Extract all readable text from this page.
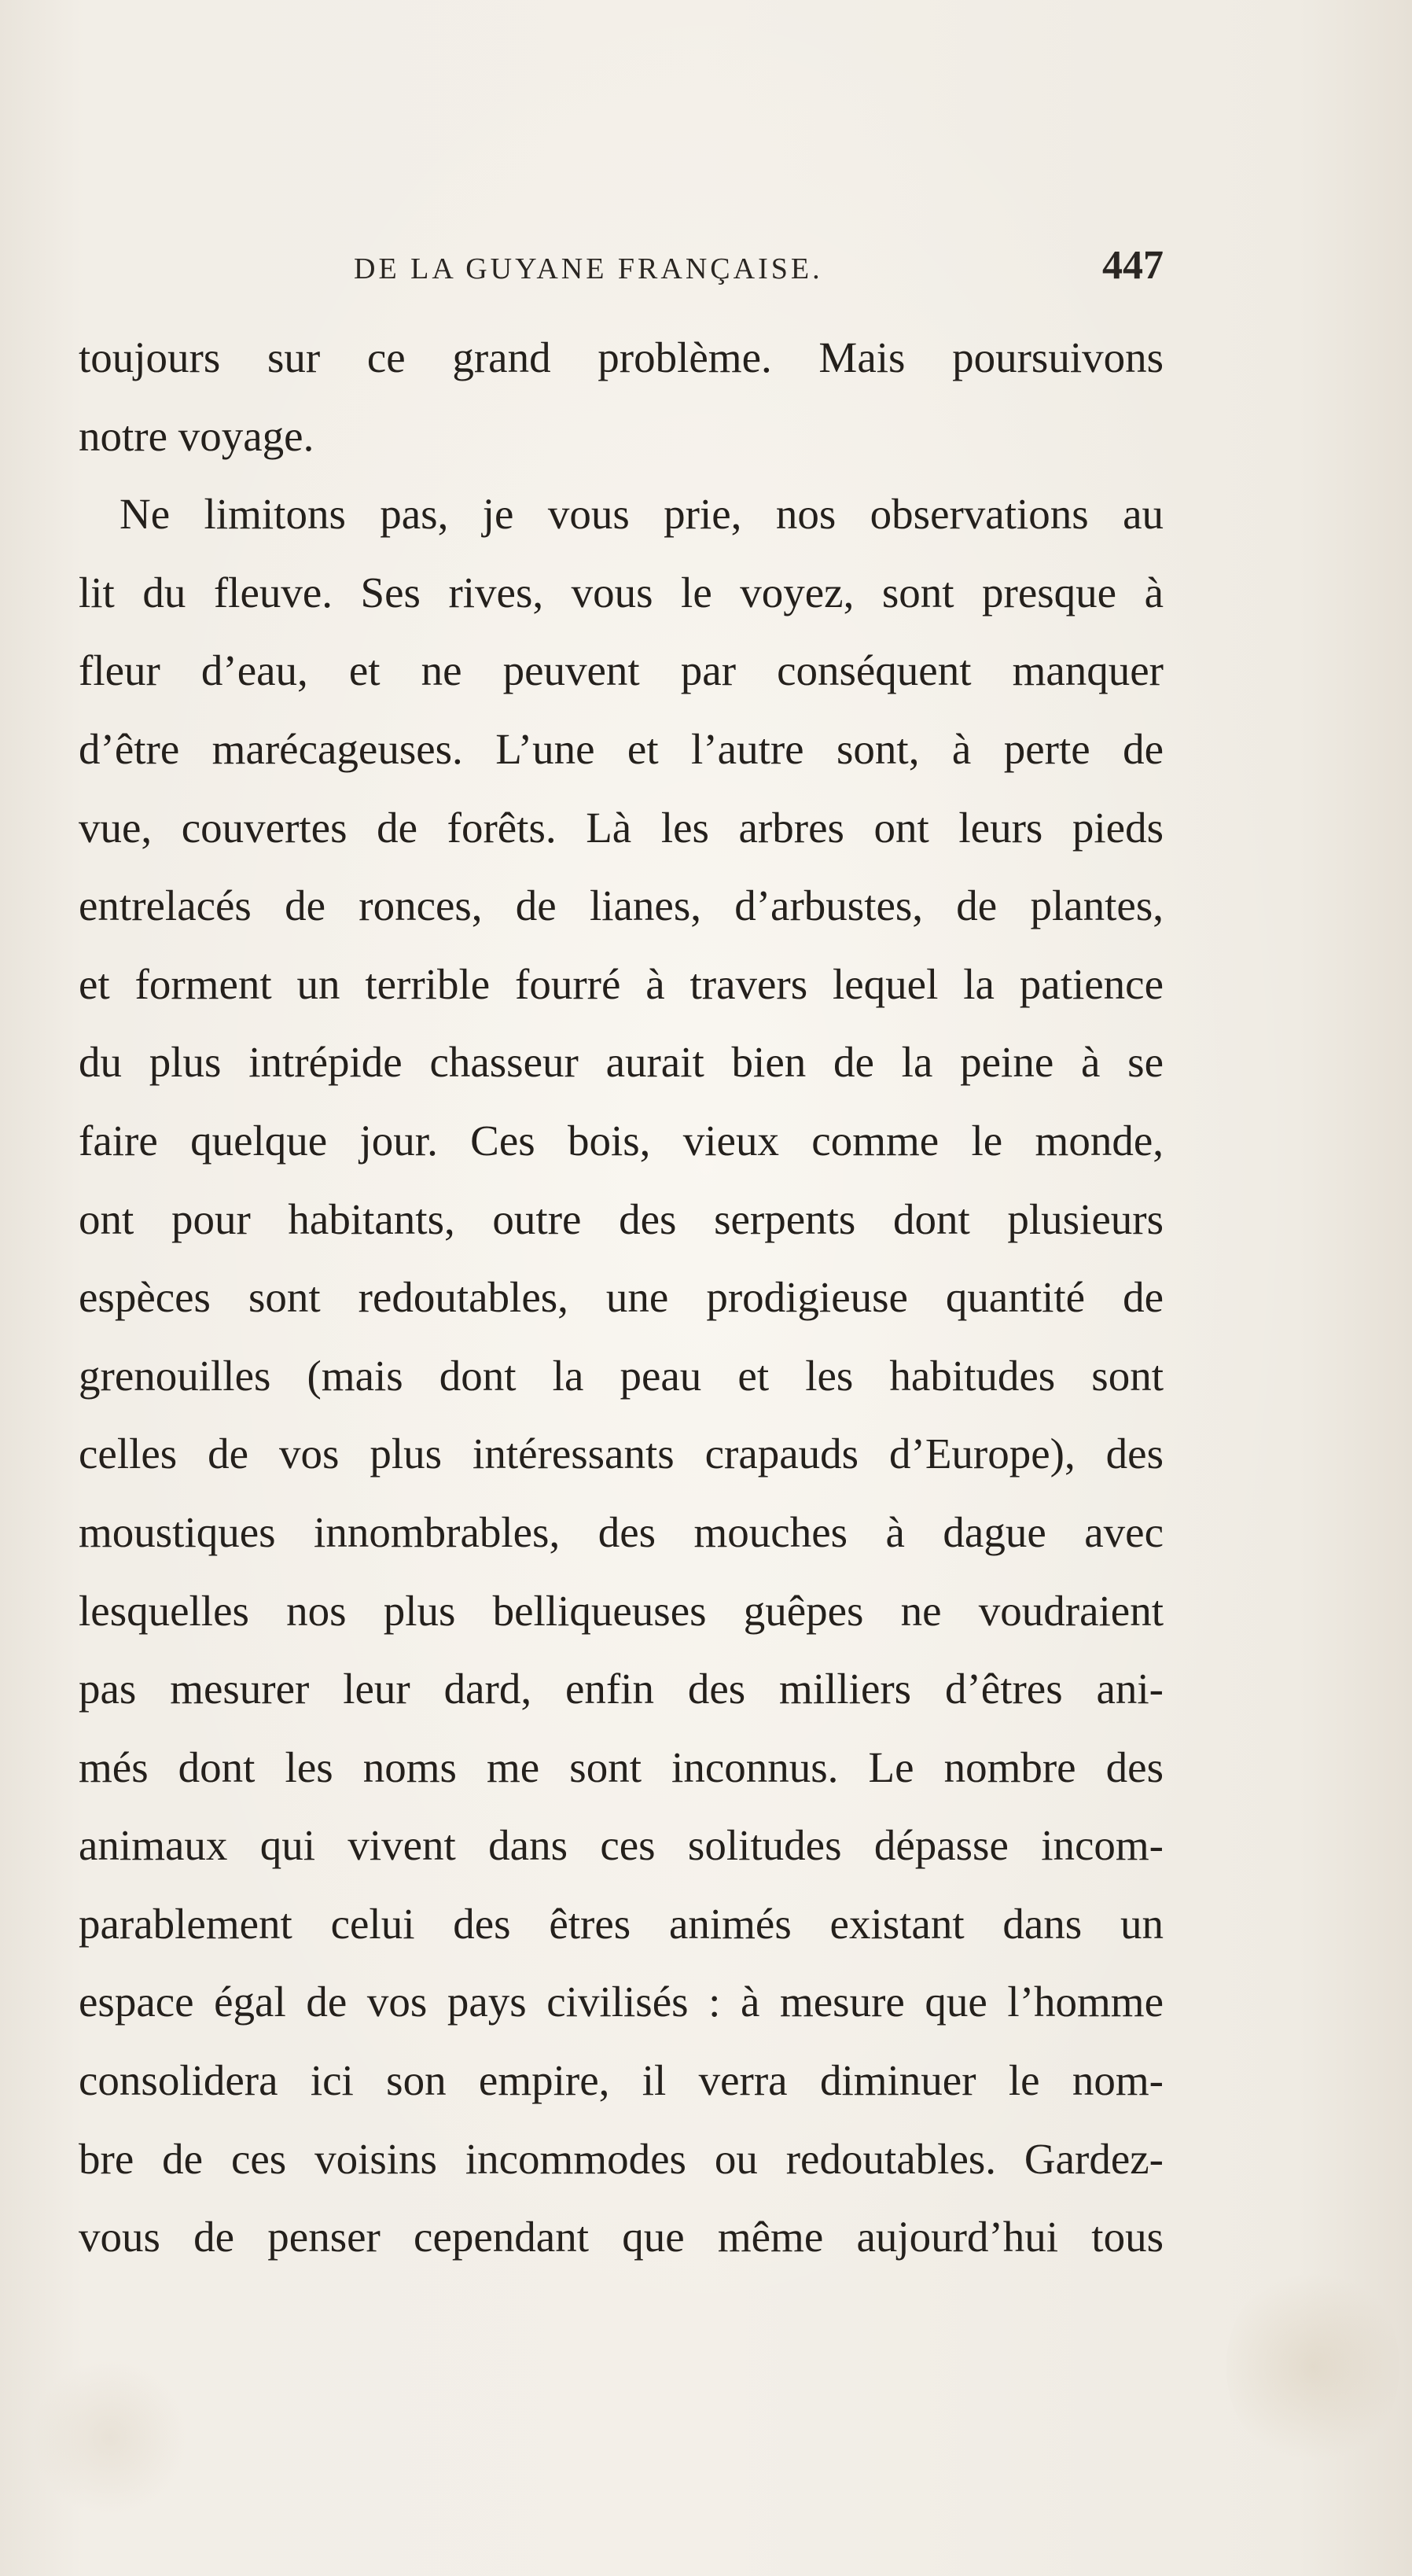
DE LA GUYANE FRANÇAISE.	447
toujours sur ce grand problème. Mais poursuivons
notre voyage.
Ne limitons pas, je vous prie, nos observations au
lit du fleuve. Ses rives, vous le voyez, sont presque à
fleur d’eau, et ne peuvent par conséquent manquer
d’être marécageuses. L’une et l’autre sont, à perte de
vue, couvertes de forêts. Là les arbres ont leurs pieds
entrelacés de ronces, de lianes, d’arbustes, de plantes,
et forment un terrible fourré à travers lequel la patience
du plus intrépide chasseur aurait bien de la peine à se
faire quelque jour. Ces bois, vieux comme le monde,
ont pour habitants, outre des serpents dont plusieurs
espèces sont redoutables, une prodigieuse quantité de
grenouilles (mais dont la peau et les habitudes sont
celles de vos plus intéressants crapauds d’Europe), des
moustiques innombrables, des mouches à dague avec
lesquelles nos plus belliqueuses guêpes ne voudraient
pas mesurer leur dard, enfin des milliers d’êtres ani-
més dont les noms me sont inconnus. Le nombre des
animaux qui vivent dans ces solitudes dépasse incom-
parablement celui des êtres animés existant dans un
espace égal de vos pays civilisés : à mesure que l’homme
consolidera ici son empire, il verra diminuer le nom-
bre de ces voisins incommodes ou redoutables. Gardez-
vous de penser cependant que même aujourd’hui tous
